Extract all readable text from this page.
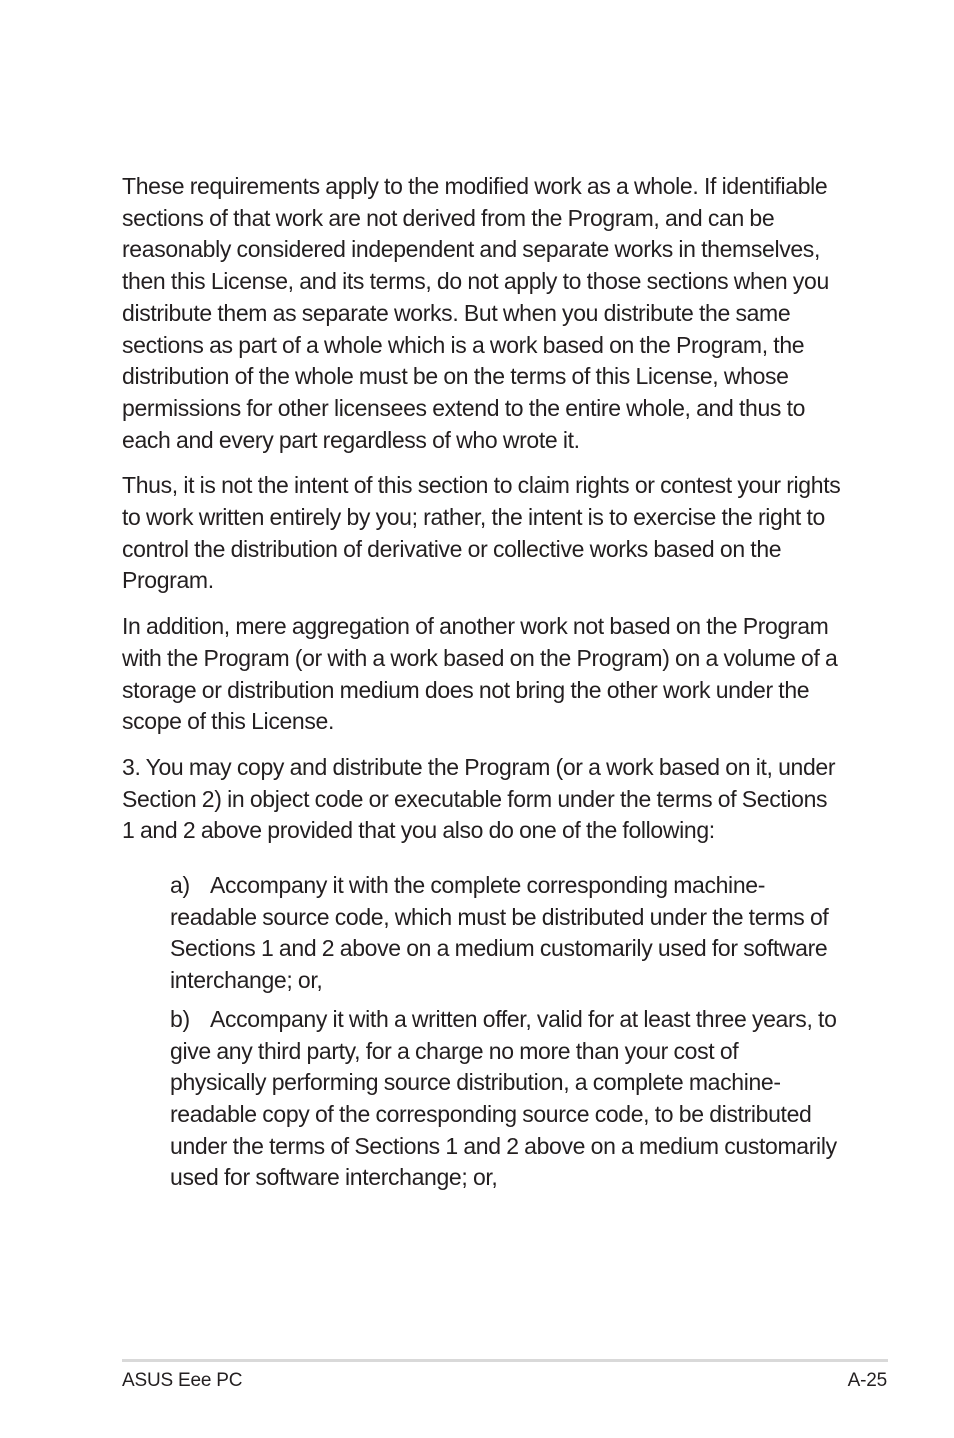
These requirements apply to the modified work as a whole. If identifiable sections of that work are not derived from the Program, and can be reasonably considered independent and separate works in themselves, then this License, and its terms, do not apply to those sections when you distribute them as separate works. But when you distribute the same sections as part of a whole which is a work based on the Program, the distribution of the whole must be on the terms of this License, whose permissions for other licensees extend to the entire whole, and thus to each and every part regardless of who wrote it.

Thus, it is not the intent of this section to claim rights or contest your rights to work written entirely by you; rather, the intent is to exercise the right to control the distribution of derivative or collective works based on the Program.

In addition, mere aggregation of another work not based on the Program with the Program (or with a work based on the Program) on a volume of a storage or distribution medium does not bring the other work under the scope of this License.

3. You may copy and distribute the Program (or a work based on it, under Section 2) in object code or executable form under the terms of Sections 1 and 2 above provided that you also do one of the following:

a) Accompany it with the complete corresponding machine-readable source code, which must be distributed under the terms of Sections 1 and 2 above on a medium customarily used for software interchange; or,

b) Accompany it with a written offer, valid for at least three years, to give any third party, for a charge no more than your cost of physically performing source distribution, a complete machine-readable copy of the corresponding source code, to be distributed under the terms of Sections 1 and 2 above on a medium customarily used for software interchange; or,

ASUS Eee PC	A-25
